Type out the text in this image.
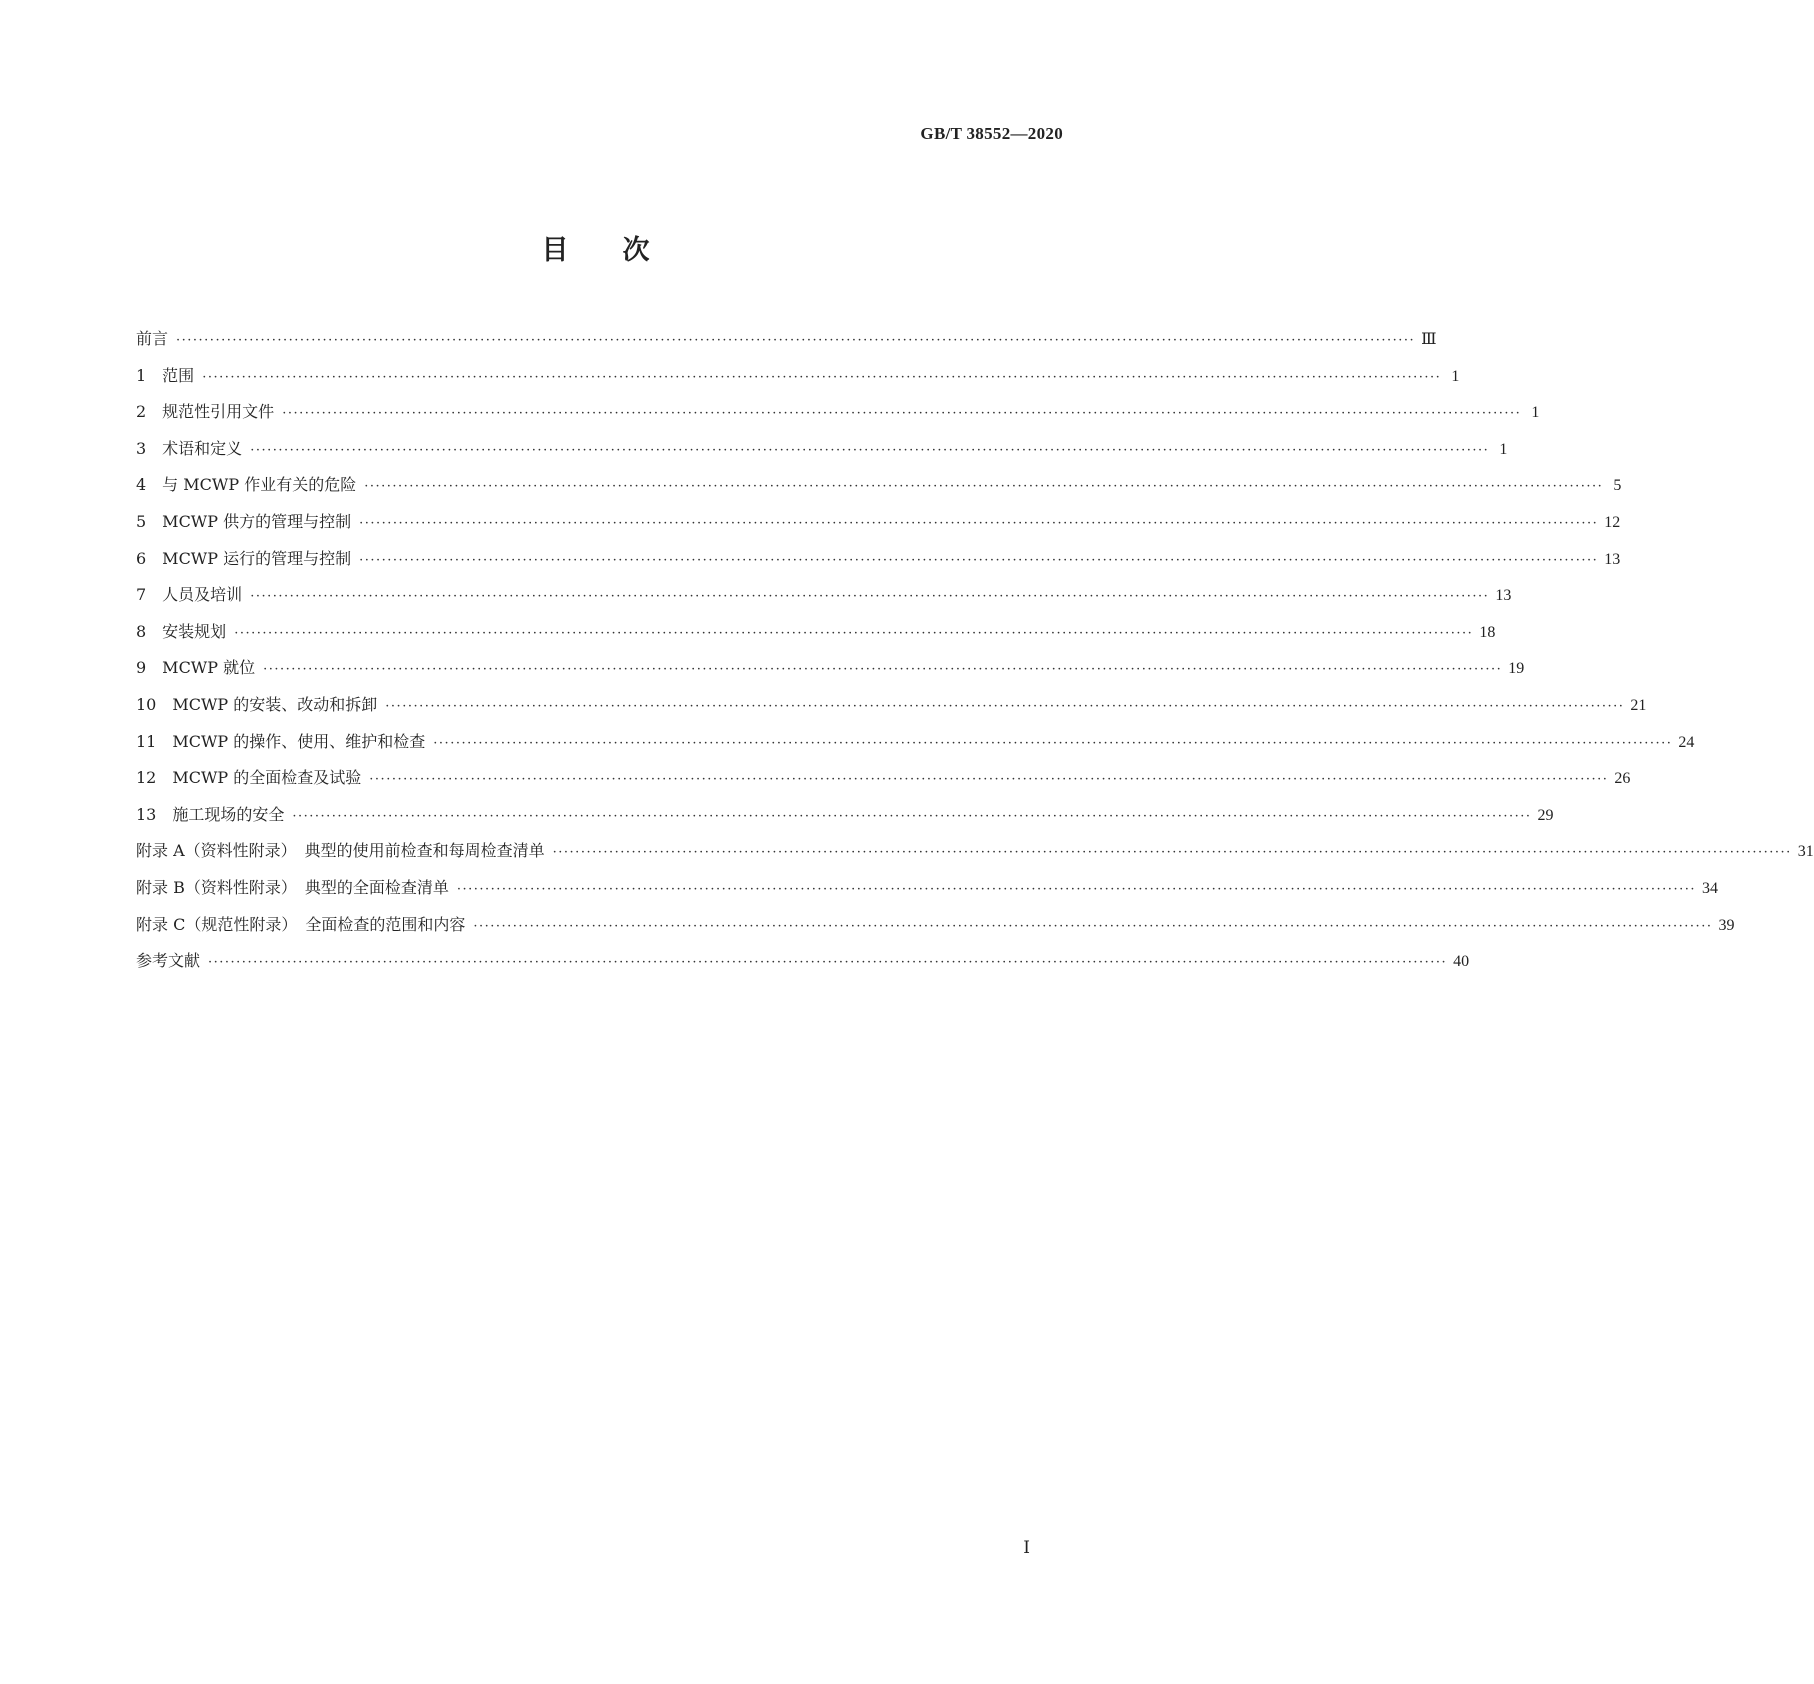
GB/T 38552—2020
目　　次
前言 ···························································································································································································································· Ⅲ
1　范围 ···························································································································································································································· 1
2　规范性引用文件 ···························································································································································································································· 1
3　术语和定义 ···························································································································································································································· 1
4　与 MCWP 作业有关的危险 ···························································································································································································································· 5
5　MCWP 供方的管理与控制 ···························································································································································································································· 12
6　MCWP 运行的管理与控制 ···························································································································································································································· 13
7　人员及培训 ···························································································································································································································· 13
8　安装规划 ···························································································································································································································· 18
9　MCWP 就位 ···························································································································································································································· 19
10　MCWP 的安装、改动和拆卸 ···························································································································································································································· 21
11　MCWP 的操作、使用、维护和检查 ···························································································································································································································· 24
12　MCWP 的全面检查及试验 ···························································································································································································································· 26
13　施工现场的安全 ···························································································································································································································· 29
附录 A（资料性附录）　典型的使用前检查和每周检查清单 ···························································································································································································································· 31
附录 B（资料性附录）　典型的全面检查清单 ···························································································································································································································· 34
附录 C（规范性附录）　全面检查的范围和内容 ···························································································································································································································· 39
参考文献 ···························································································································································································································· 40
Ⅰ
